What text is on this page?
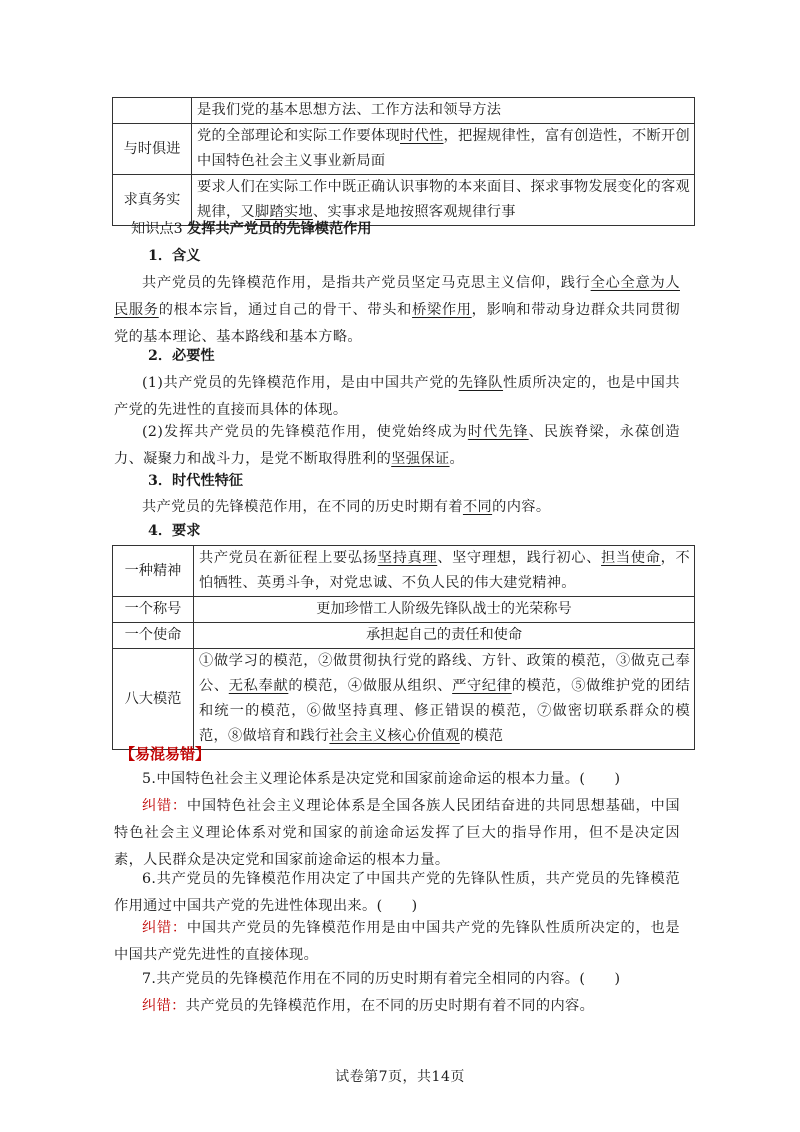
	是我们党的基本思想方法、工作方法和领导方法
与时俱进	党的全部理论和实际工作要体现时代性，把握规律性，富有创造性，不断开创中国特色社会主义事业新局面
求真务实	要求人们在实际工作中既正确认识事物的本来面目、探求事物发展变化的客观规律，又脚踏实地、实事求是地按照客观规律行事
知识点3 发挥共产党员的先锋模范作用
1．含义
共产党员的先锋模范作用，是指共产党员坚定马克思主义信仰，践行全心全意为人民服务的根本宗旨，通过自己的骨干、带头和桥梁作用，影响和带动身边群众共同贯彻党的基本理论、基本路线和基本方略。
2．必要性
(1)共产党员的先锋模范作用，是由中国共产党的先锋队性质所决定的，也是中国共产党的先进性的直接而具体的体现。
(2)发挥共产党员的先锋模范作用，使党始终成为时代先锋、民族脊梁，永葆创造力、凝聚力和战斗力，是党不断取得胜利的坚强保证。
3．时代性特征
共产党员的先锋模范作用，在不同的历史时期有着不同的内容。
4．要求
一种精神	共产党员在新征程上要弘扬坚持真理、坚守理想，践行初心、担当使命，不怕牺牲、英勇斗争，对党忠诚、不负人民的伟大建党精神。
一个称号	更加珍惜工人阶级先锋队战士的光荣称号
一个使命	承担起自己的责任和使命
八大模范	①做学习的模范，②做贯彻执行党的路线、方针、政策的模范，③做克己奉公、无私奉献的模范，④做服从组织、严守纪律的模范，⑤做维护党的团结和统一的模范，⑥做坚持真理、修正错误的模范，⑦做密切联系群众的模范，⑧做培育和践行社会主义核心价值观的模范
【易混易错】
5.中国特色社会主义理论体系是决定党和国家前途命运的根本力量。(　　)
纠错：中国特色社会主义理论体系是全国各族人民团结奋进的共同思想基础，中国特色社会主义理论体系对党和国家的前途命运发挥了巨大的指导作用，但不是决定因素，人民群众是决定党和国家前途命运的根本力量。
6.共产党员的先锋模范作用决定了中国共产党的先锋队性质，共产党员的先锋模范作用通过中国共产党的先进性体现出来。(　　)
纠错：中国共产党员的先锋模范作用是由中国共产党的先锋队性质所决定的，也是中国共产党先进性的直接体现。
7.共产党员的先锋模范作用在不同的历史时期有着完全相同的内容。(　　)
纠错：共产党员的先锋模范作用，在不同的历史时期有着不同的内容。
试卷第7页，共14页
